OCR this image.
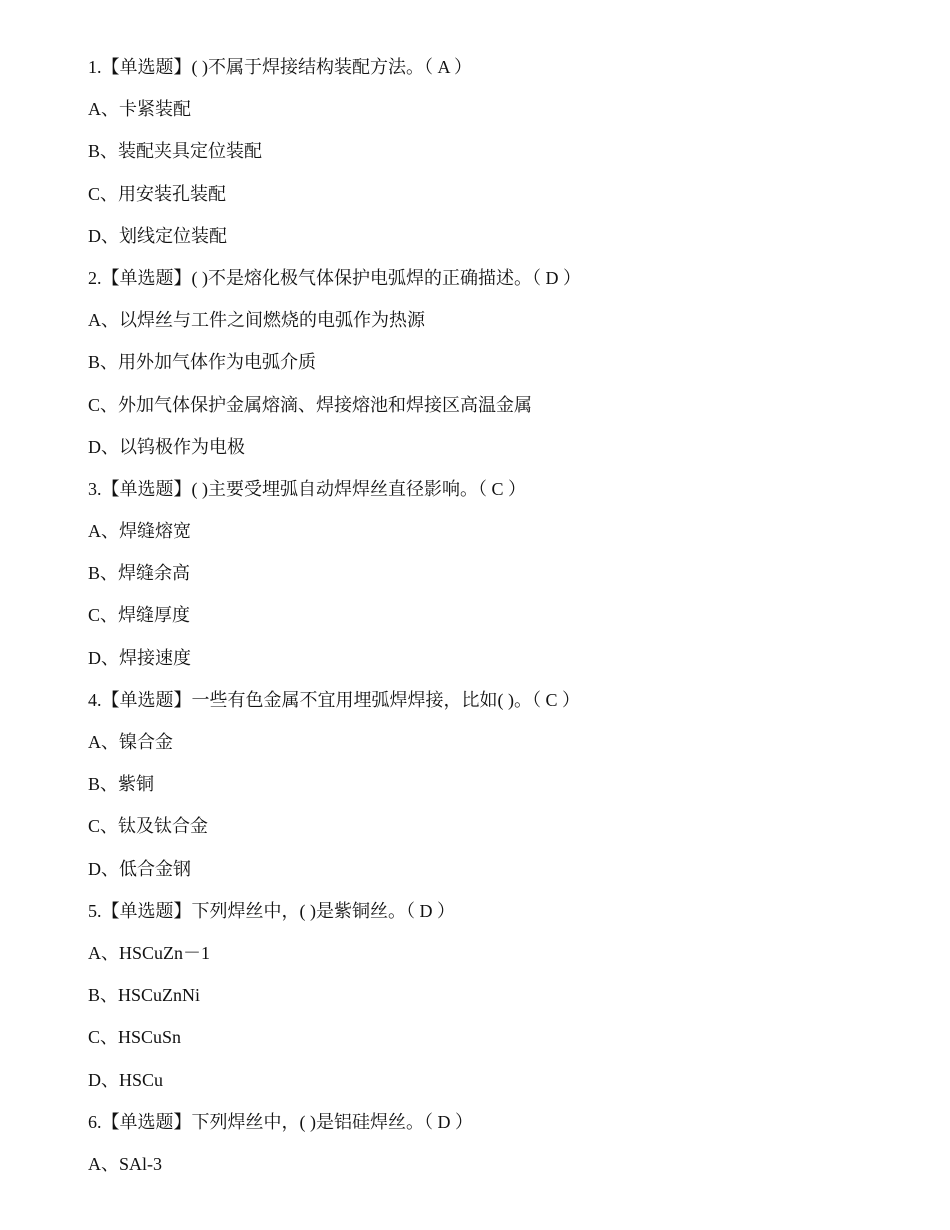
1.【单选题】( )不属于焊接结构装配方法。（ A ）
A、卡紧装配
B、装配夹具定位装配
C、用安装孔装配
D、划线定位装配
2.【单选题】( )不是熔化极气体保护电弧焊的正确描述。（ D ）
A、以焊丝与工件之间燃烧的电弧作为热源
B、用外加气体作为电弧介质
C、外加气体保护金属熔滴、焊接熔池和焊接区高温金属
D、以钨极作为电极
3.【单选题】( )主要受埋弧自动焊焊丝直径影响。（ C ）
A、焊缝熔宽
B、焊缝余高
C、焊缝厚度
D、焊接速度
4.【单选题】一些有色金属不宜用埋弧焊焊接，比如( )。（ C ）
A、镍合金
B、紫铜
C、钛及钛合金
D、低合金钢
5.【单选题】下列焊丝中，( )是紫铜丝。（ D ）
A、HSCuZn－1
B、HSCuZnNi
C、HSCuSn
D、HSCu
6.【单选题】下列焊丝中，( )是铝硅焊丝。（ D ）
A、SAl-3
